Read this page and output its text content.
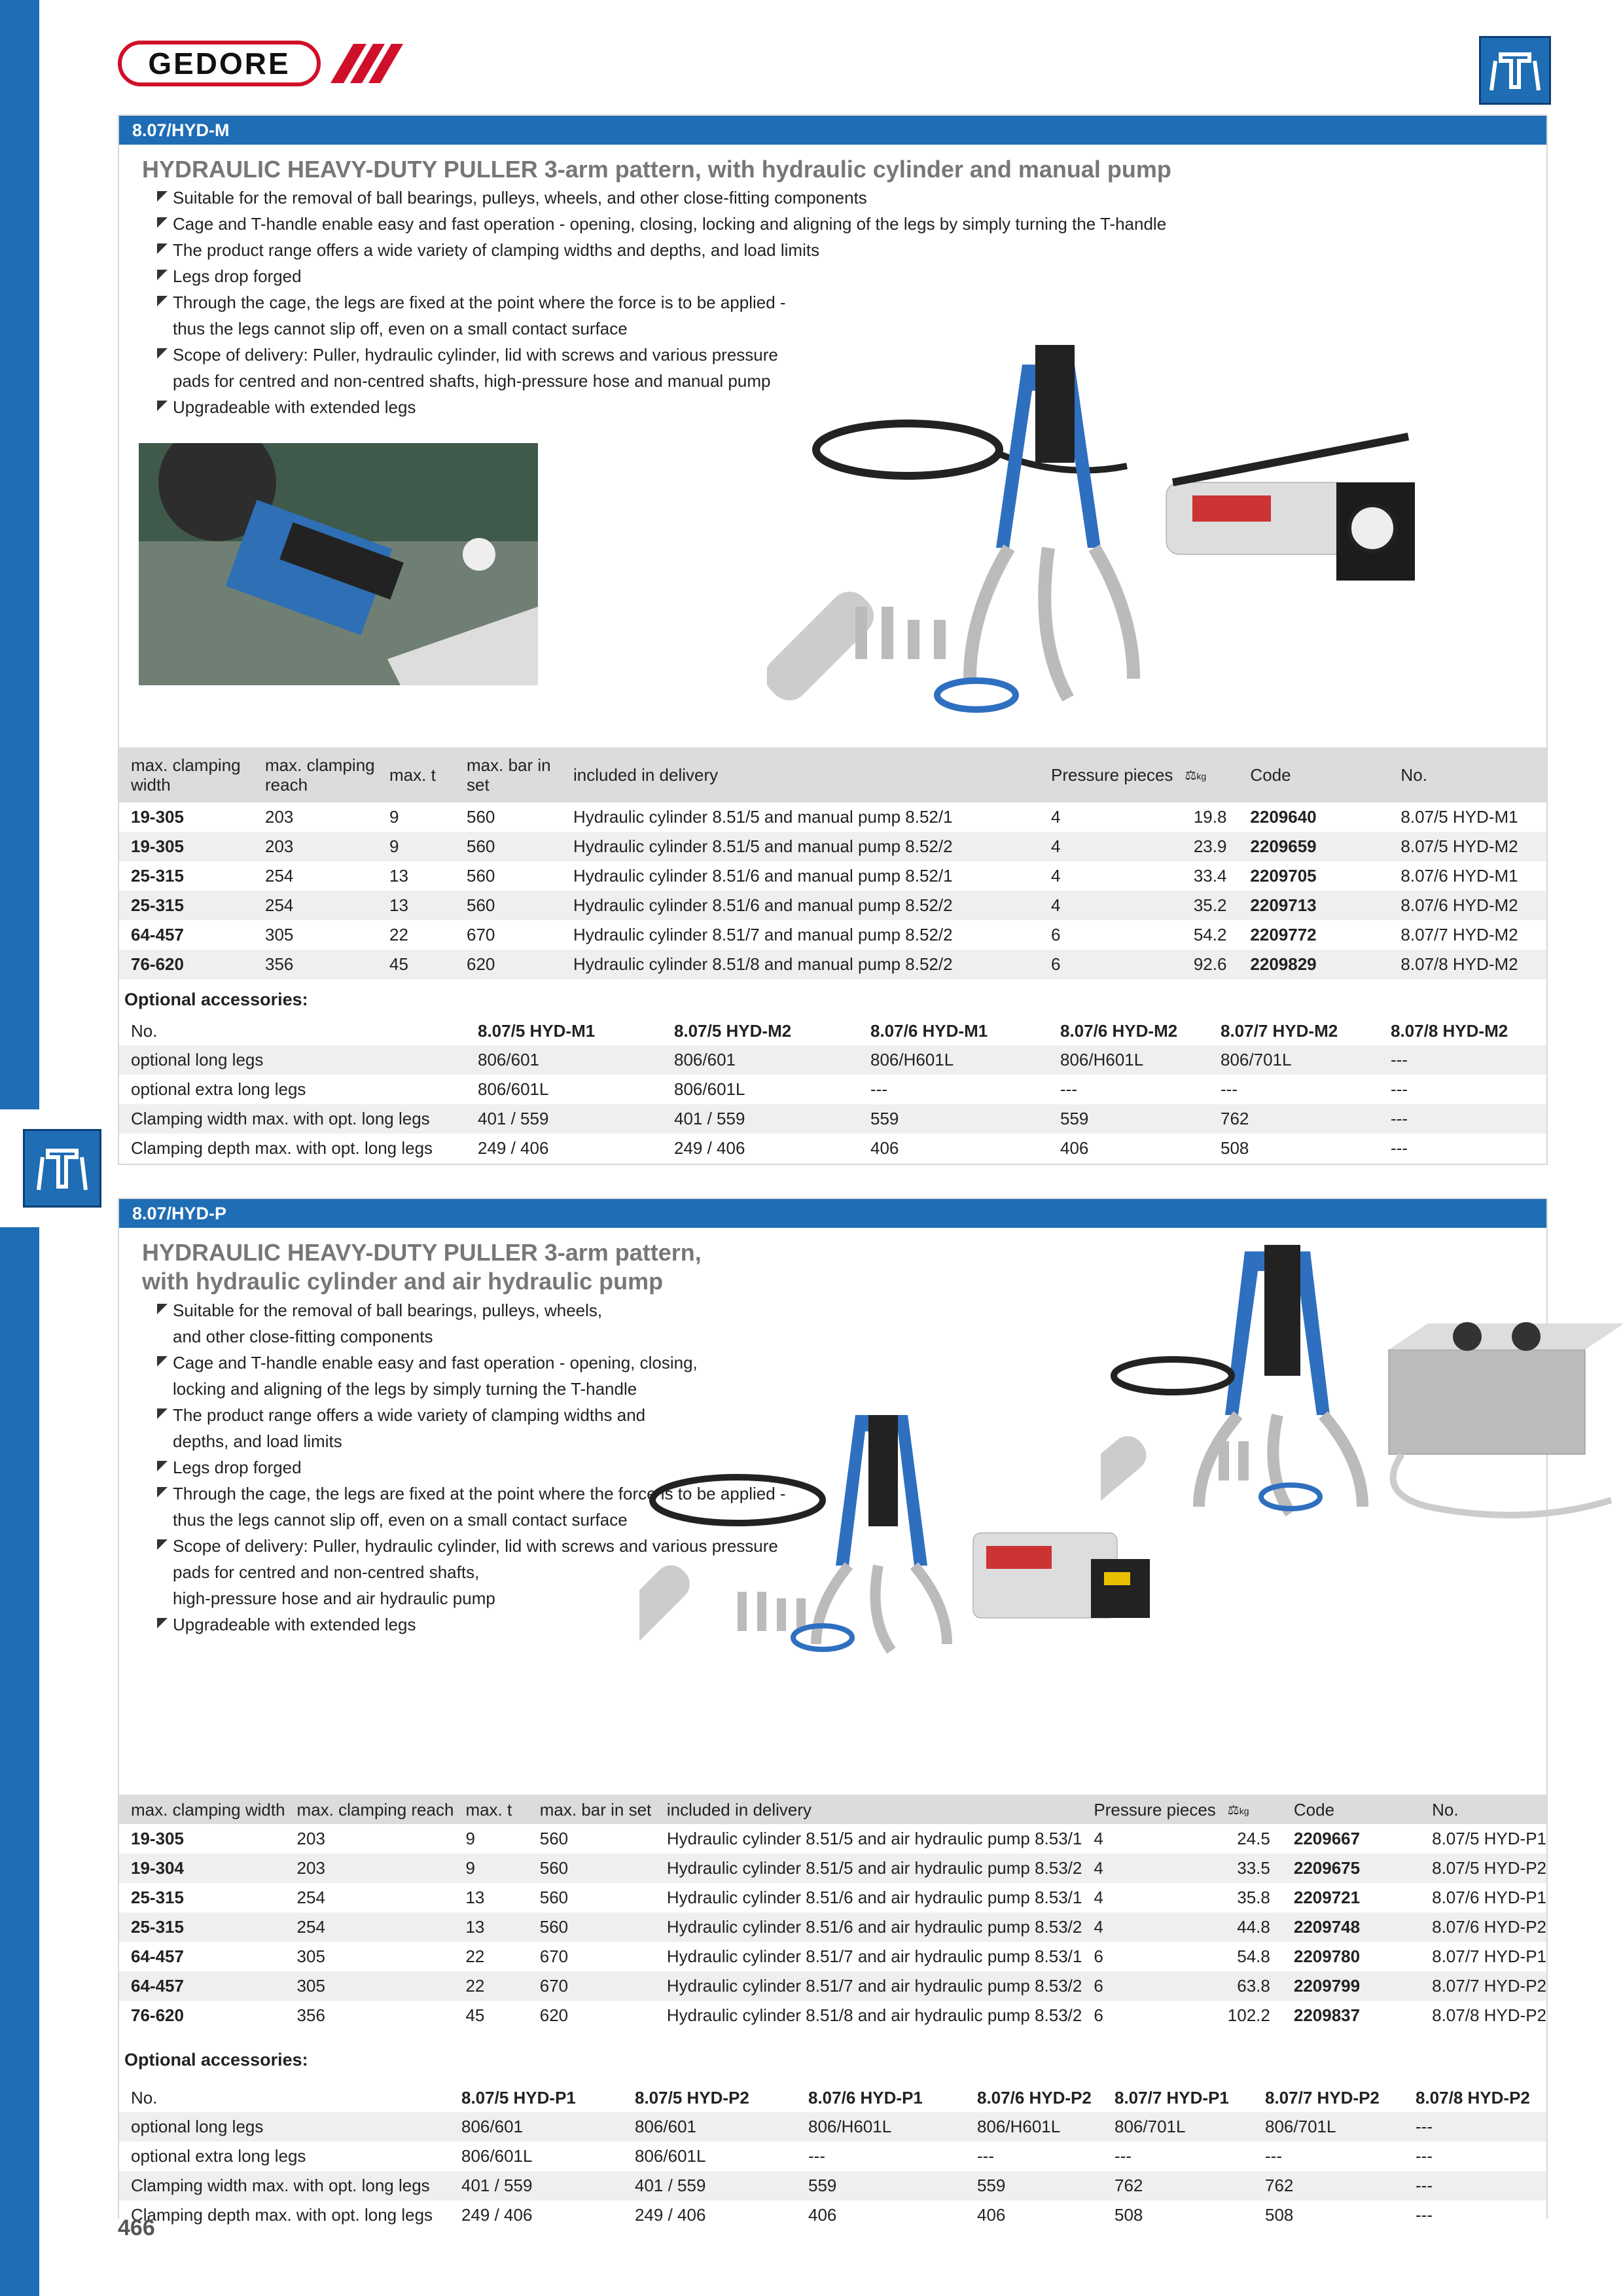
GEDORE
8.07/HYD-M
HYDRAULIC HEAVY-DUTY PULLER 3-arm pattern, with hydraulic cylinder and manual pump
Suitable for the removal of ball bearings, pulleys, wheels, and other close-fitting components
Cage and T-handle enable easy and fast operation - opening, closing, locking and aligning of the legs by simply turning the T-handle
The product range offers a wide variety of clamping widths and depths, and load limits
Legs drop forged
Through the cage, the legs are fixed at the point where the force is to be applied -
thus the legs cannot slip off, even on a small contact surface
Scope of delivery: Puller, hydraulic cylinder, lid with screws and various pressure
pads for centred and non-centred shafts, high-pressure hose and manual pump
Upgradeable with extended legs
max. clamping width	max. clamping reach	max. t	max. bar in set	included in delivery	Pressure pieces	⚖kg	Code	No.
19-305	203	9	560	Hydraulic cylinder 8.51/5 and manual pump 8.52/1	4	19.8	2209640	8.07/5 HYD-M1
19-305	203	9	560	Hydraulic cylinder 8.51/5 and manual pump 8.52/2	4	23.9	2209659	8.07/5 HYD-M2
25-315	254	13	560	Hydraulic cylinder 8.51/6 and manual pump 8.52/1	4	33.4	2209705	8.07/6 HYD-M1
25-315	254	13	560	Hydraulic cylinder 8.51/6 and manual pump 8.52/2	4	35.2	2209713	8.07/6 HYD-M2
64-457	305	22	670	Hydraulic cylinder 8.51/7 and manual pump 8.52/2	6	54.2	2209772	8.07/7 HYD-M2
76-620	356	45	620	Hydraulic cylinder 8.51/8 and manual pump 8.52/2	6	92.6	2209829	8.07/8 HYD-M2
Optional accessories:
No.	8.07/5 HYD-M1	8.07/5 HYD-M2	8.07/6 HYD-M1	8.07/6 HYD-M2	8.07/7 HYD-M2	8.07/8 HYD-M2
optional long legs	806/601	806/601	806/H601L	806/H601L	806/701L	---
optional extra long legs	806/601L	806/601L	---	---	---	---
Clamping width max. with opt. long legs	401 / 559	401 / 559	559	559	762	---
Clamping depth max. with opt. long legs	249 / 406	249 / 406	406	406	508	---
8.07/HYD-P
HYDRAULIC HEAVY-DUTY PULLER 3-arm pattern,
with hydraulic cylinder and air hydraulic pump
Suitable for the removal of ball bearings, pulleys, wheels,
and other close-fitting components
Cage and T-handle enable easy and fast operation - opening, closing,
locking and aligning of the legs by simply turning the T-handle
The product range offers a wide variety of clamping widths and
depths, and load limits
Legs drop forged
Through the cage, the legs are fixed at the point where the force is to be applied -
thus the legs cannot slip off, even on a small contact surface
Scope of delivery: Puller, hydraulic cylinder, lid with screws and various pressure
pads for centred and non-centred shafts,
high-pressure hose and air hydraulic pump
Upgradeable with extended legs
max. clamping width	max. clamping reach	max. t	max. bar in set	included in delivery	Pressure pieces	⚖kg	Code	No.
19-305	203	9	560	Hydraulic cylinder 8.51/5 and air hydraulic pump 8.53/1	4	24.5	2209667	8.07/5 HYD-P1
19-304	203	9	560	Hydraulic cylinder 8.51/5 and air hydraulic pump 8.53/2	4	33.5	2209675	8.07/5 HYD-P2
25-315	254	13	560	Hydraulic cylinder 8.51/6 and air hydraulic pump 8.53/1	4	35.8	2209721	8.07/6 HYD-P1
25-315	254	13	560	Hydraulic cylinder 8.51/6 and air hydraulic pump 8.53/2	4	44.8	2209748	8.07/6 HYD-P2
64-457	305	22	670	Hydraulic cylinder 8.51/7 and air hydraulic pump 8.53/1	6	54.8	2209780	8.07/7 HYD-P1
64-457	305	22	670	Hydraulic cylinder 8.51/7 and air hydraulic pump 8.53/2	6	63.8	2209799	8.07/7 HYD-P2
76-620	356	45	620	Hydraulic cylinder 8.51/8 and air hydraulic pump 8.53/2	6	102.2	2209837	8.07/8 HYD-P2
Optional accessories:
No.	8.07/5 HYD-P1	8.07/5 HYD-P2	8.07/6 HYD-P1	8.07/6 HYD-P2	8.07/7 HYD-P1	8.07/7 HYD-P2	8.07/8 HYD-P2
optional long legs	806/601	806/601	806/H601L	806/H601L	806/701L	806/701L	---
optional extra long legs	806/601L	806/601L	---	---	---	---	---
Clamping width max. with opt. long legs	401 / 559	401 / 559	559	559	762	762	---
Clamping depth max. with opt. long legs	249 / 406	249 / 406	406	406	508	508	---
466
